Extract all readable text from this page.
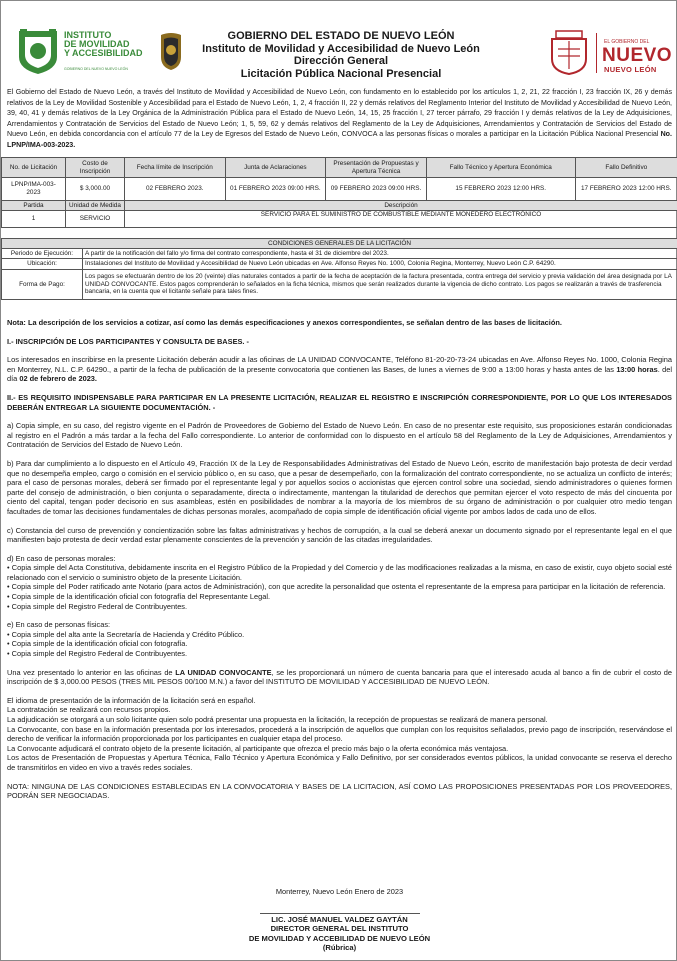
INSTITUTO
DE MOVILIDAD
Y ACCESIBILIDAD
GOBIERNO DEL NUEVO NUEVO LEÓN
GOBIERNO DEL ESTADO DE NUEVO LEÓN
Instituto de Movilidad y Accesibilidad de Nuevo León
Dirección General
Licitación Pública Nacional Presencial
EL GOBIERNO DEL
NUEVO
NUEVO LEÓN
El Gobierno del Estado de Nuevo León, a través del Instituto de Movilidad y Accesibilidad de Nuevo León, con fundamento en lo establecido por los artículos 1, 2, 21, 22 fracción I, 23 fracción IX, 26 y demás relativos de la Ley de Movilidad Sostenible y Accesibilidad para el Estado de Nuevo León, 1, 2, 4 fracción II, 22 y demás relativos del Reglamento Interior del Instituto de Movilidad y Accesibilidad de Nuevo León, 39, 40, 41 y demás relativos de la Ley Orgánica de la Administración Pública para el Estado de Nuevo León, 14, 15, 25 fracción I, 27 tercer párrafo, 29 fracción I y demás relativos de la Ley de Adquisiciones, Arrendamientos y Contratación de Servicios del Estado de Nuevo León; 1, 5, 59, 62 y demás relativos del Reglamento de la Ley de Adquisiciones, Arrendamientos y Contratación de Servicios del Estado de Nuevo León, en debida concordancia con el artículo 77 de la Ley de Egresos del Estado de Nuevo León, CONVOCA a las personas físicas o morales a participar en la Licitación Pública Nacional Presencial No. LPNP/IMA-003-2023.
No. de Licitación	Costo de Inscripción	Fecha límite de Inscripción	Junta de Aclaraciones	Presentación de Propuestas y Apertura Técnica	Fallo Técnico y Apertura Económica	Fallo Definitivo
LPNP/IMA-003-2023	$ 3,000.00	02 FEBRERO 2023.	01 FEBRERO 2023 09:00 HRS.	09 FEBRERO 2023 09:00 HRS.	15 FEBRERO 2023 12:00 HRS.	17 FEBRERO 2023 12:00 HRS.
Partida	Unidad de Medida	Descripción				
1	SERVICIO	SERVICIO PARA EL SUMINISTRO DE COMBUSTIBLE MEDIANTE MONEDERO ELECTRÓNICO				
CONDICIONES GENERALES DE LA LICITACIÓN	
Periodo de Ejecución:	A partir de la notificación del fallo y/o firma del contrato correspondiente, hasta el 31 de diciembre del 2023.
Ubicación:	Instalaciones del Instituto de Movilidad y Accesibilidad de Nuevo León ubicadas en Ave. Alfonso Reyes No. 1000, Colonia Regina, Monterrey, Nuevo León C.P. 64290.
Forma de Pago:	Los pagos se efectuarán dentro de los 20 (veinte) días naturales contados a partir de la fecha de aceptación de la factura presentada, contra entrega del servicio y previa validación del área designada por LA UNIDAD CONVOCANTE. Estos pagos comprenderán lo señalados en la ficha técnica, mismos que serán realizados durante la vigencia de dicho contrato. Los pagos se realizarán a través de trasferencia bancaria, en la cuenta que el licitante señale para tales fines.

Nota: La descripción de los servicios a cotizar, así como las demás especificaciones y anexos correspondientes, se señalan dentro de las bases de licitación.

I.- INSCRIPCIÓN DE LOS PARTICIPANTES Y CONSULTA DE BASES. -

Los interesados en inscribirse en la presente Licitación deberán acudir a las oficinas de LA UNIDAD CONVOCANTE, Teléfono 81-20-20-73-24 ubicadas en Ave. Alfonso Reyes No. 1000, Colonia Regina en Monterrey, N.L. C.P. 64290., a partir de la fecha de publicación de la presente convocatoria que contienen las Bases, de lunes a viernes de 9:00 a 13:00 horas y hasta antes de las 13:00 horas. del día 02 de febrero de 2023.

II.- ES REQUISITO INDISPENSABLE PARA PARTICIPAR EN LA PRESENTE LICITACIÓN, REALIZAR EL REGISTRO E INSCRIPCIÓN CORRESPONDIENTE, POR LO QUE LOS INTERESADOS DEBERÁN ENTREGAR LA SIGUIENTE DOCUMENTACIÓN. -

a) Copia simple, en su caso, del registro vigente en el Padrón de Proveedores de Gobierno del Estado de Nuevo León. En caso de no presentar este requisito, sus proposiciones estarán condicionadas al registro en el Padrón a más tardar a la fecha del Fallo correspondiente. Lo anterior de conformidad con lo dispuesto en el artículo 58 del Reglamento de la Ley de Adquisiciones, Arrendamientos y Contratación de Servicios del Estado de Nuevo León.

b) Para dar cumplimiento a lo dispuesto en el Artículo 49, Fracción IX de la Ley de Responsabilidades Administrativas del Estado de Nuevo León, escrito de manifestación bajo protesta de decir verdad que no desempeña empleo, cargo o comisión en el servicio público o, en su caso, que a pesar de desempeñarlo, con la formalización del contrato correspondiente, no se actualiza un conflicto de interés; para el caso de personas morales, deberá ser firmado por el representante legal y por aquellos socios o accionistas que ejercen control sobre una sociedad, siendo administradores o quienes formen parte del consejo de administración, o bien conjunta o separadamente, directa o indirectamente, mantengan la titularidad de derechos que permitan ejercer el voto respecto de más del cincuenta por ciento del capital, tengan poder decisorio en sus asambleas, estén en posibilidades de nombrar a la mayoría de los miembros de su órgano de administración o por cualquier otro medio tengan facultades de tomar las decisiones fundamentales de dichas personas morales, acompañado de copia simple de identificación oficial vigente por ambos lados de cada uno de ellos.

c) Constancia del curso de prevención y concientización sobre las faltas administrativas y hechos de corrupción, a la cual se deberá anexar un documento signado por el representante legal en el que manifiesten bajo protesta de decir verdad estar plenamente conscientes de la prevención y sanción de las citadas irregularidades.

d) En caso de personas morales:

• Copia simple del Acta Constitutiva, debidamente inscrita en el Registro Público de la Propiedad y del Comercio y de las modificaciones realizadas a la misma, en caso de existir, cuyo objeto social esté relacionado con el servicio o suministro objeto de la presente Licitación.

• Copia simple del Poder ratificado ante Notario (para actos de Administración), con que acredite la personalidad que ostenta el representante de la empresa para participar en la licitación de referencia.

• Copia simple de la identificación oficial con fotografía del Representante Legal.

• Copia simple del Registro Federal de Contribuyentes.

e) En caso de personas físicas:

• Copia simple del alta ante la Secretaría de Hacienda y Crédito Público.

• Copia simple de la identificación oficial con fotografía.

• Copia simple del Registro Federal de Contribuyentes.

Una vez presentado lo anterior en las oficinas de LA UNIDAD CONVOCANTE, se les proporcionará un número de cuenta bancaria para que el interesado acuda al banco a fin de cubrir el costo de inscripción de $ 3,000.00 PESOS (TRES MIL PESOS 00/100 M.N.) a favor del INSTITUTO DE MOVILIDAD Y ACCESIBILIDAD DE NUEVO LEÓN.

El idioma de presentación de la información de la licitación será en español.

La contratación se realizará con recursos propios.

La adjudicación se otorgará a un solo licitante quien solo podrá presentar una propuesta en la licitación, la recepción de propuestas se realizará de manera personal.

La Convocante, con base en la información presentada por los interesados, procederá a la inscripción de aquellos que cumplan con los requisitos señalados, previo pago de inscripción, reservándose el derecho de verificar la información proporcionada por los participantes en cualquier etapa del proceso.

La Convocante adjudicará el contrato objeto de la presente licitación, al participante que ofrezca el precio más bajo o la oferta económica más ventajosa.

Los actos de Presentación de Propuestas y Apertura Técnica, Fallo Técnico y Apertura Económica y Fallo Definitivo, por ser considerados eventos públicos, la unidad convocante se reserva el derecho de transmitirlos en video en vivo a través redes sociales.

NOTA: NINGUNA DE LAS CONDICIONES ESTABLECIDAS EN LA CONVOCATORIA Y BASES DE LA LICITACION, ASÍ COMO LAS PROPOSICIONES PRESENTADAS POR LOS PROVEEDORES, PODRÁN SER NEGOCIADAS.

Monterrey, Nuevo León Enero de 2023
LIC. JOSÉ MANUEL VALDEZ GAYTÁN
DIRECTOR GENERAL DEL INSTITUTO
DE MOVILIDAD Y ACCEBILIDAD DE NUEVO LEÓN
(Rúbrica)
